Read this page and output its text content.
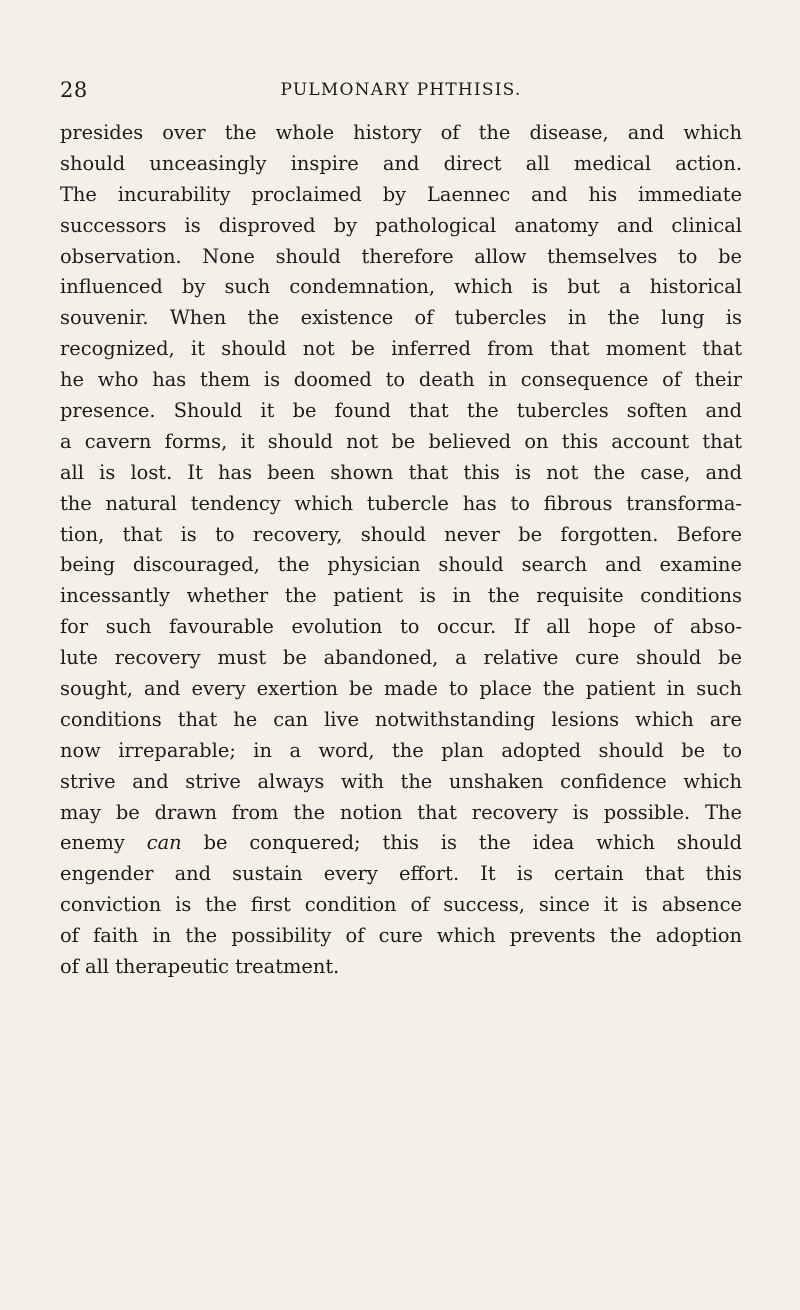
28	PULMONARY PHTHISIS.
presides over the whole history of the disease, and which
should unceasingly inspire and direct all medical action.
The incurability proclaimed by Laennec and his immediate
successors is disproved by pathological anatomy and clinical
observation. None should therefore allow themselves to be
influenced by such condemnation, which is but a historical
souvenir. When the existence of tubercles in the lung is
recognized, it should not be inferred from that moment that
he who has them is doomed to death in consequence of their
presence. Should it be found that the tubercles soften and
a cavern forms, it should not be believed on this account that
all is lost. It has been shown that this is not the case, and
the natural tendency which tubercle has to fibrous transforma-
tion, that is to recovery, should never be forgotten. Before
being discouraged, the physician should search and examine
incessantly whether the patient is in the requisite conditions
for such favourable evolution to occur. If all hope of abso-
lute recovery must be abandoned, a relative cure should be
sought, and every exertion be made to place the patient in such
conditions that he can live notwithstanding lesions which are
now irreparable; in a word, the plan adopted should be to
strive and strive always with the unshaken confidence which
may be drawn from the notion that recovery is possible. The
enemy can be conquered; this is the idea which should
engender and sustain every effort. It is certain that this
conviction is the first condition of success, since it is absence
of faith in the possibility of cure which prevents the adoption
of all therapeutic treatment.
